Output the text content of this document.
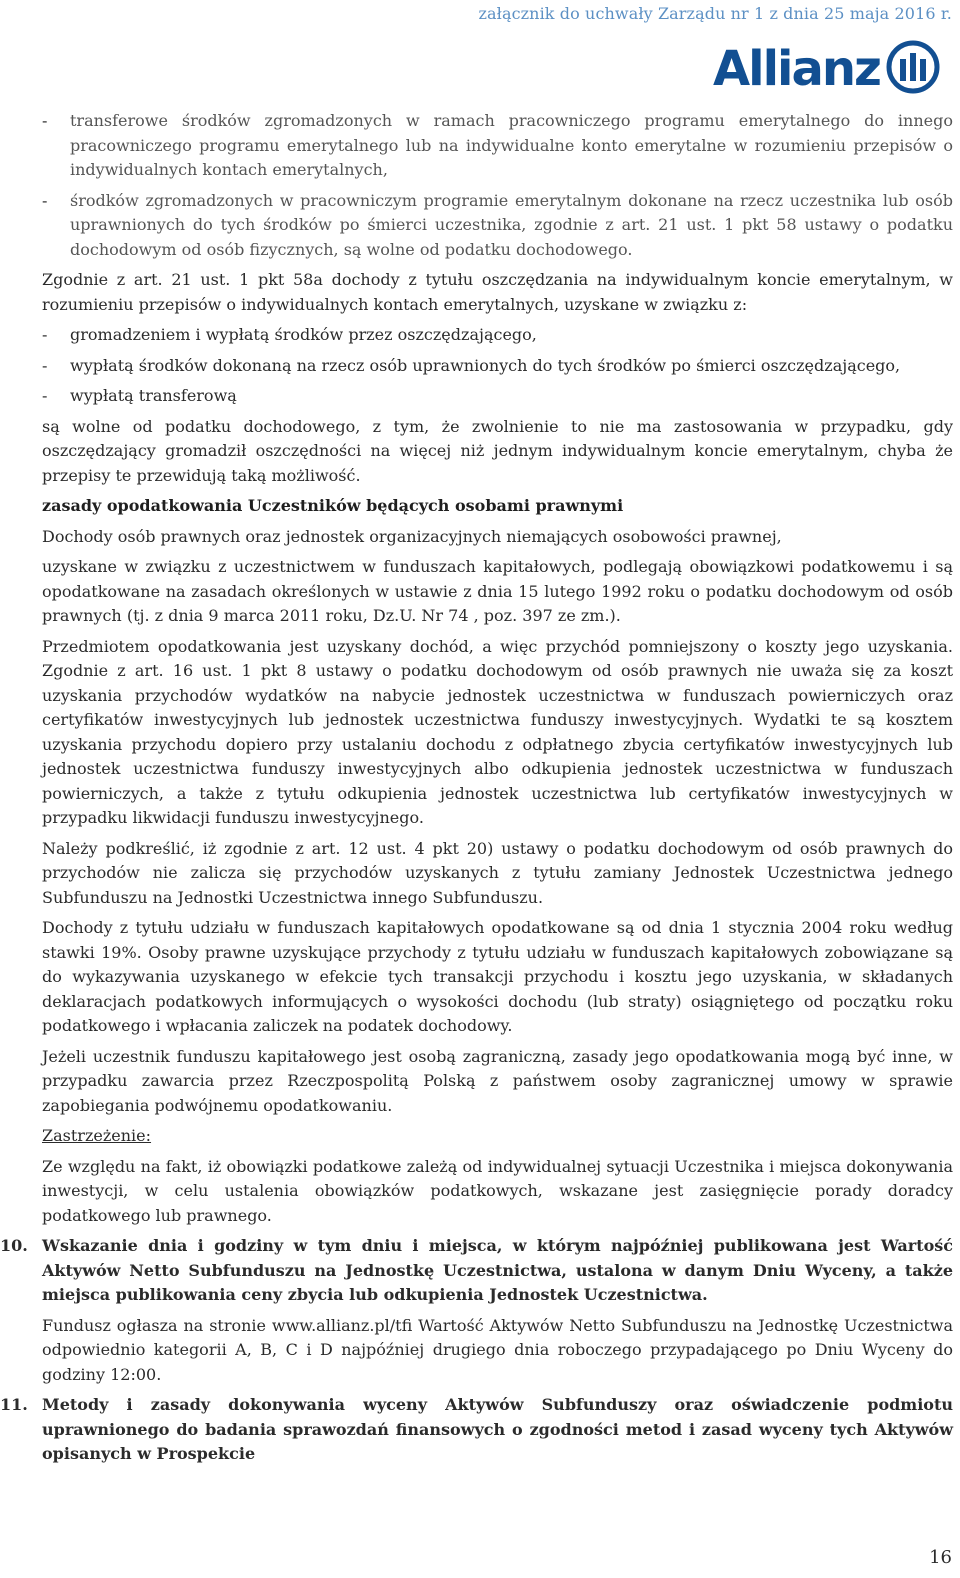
załącznik do uchwały Zarządu nr 1 z dnia 25 maja 2016 r.
Allianz
-	transferowe środków zgromadzonych w ramach pracowniczego programu emerytalnego do innego pracowniczego programu emerytalnego lub na indywidualne konto emerytalne w rozumieniu przepisów o indywidualnych kontach emerytalnych,
-	środków zgromadzonych w pracowniczym programie emerytalnym dokonane na rzecz uczestnika lub osób uprawnionych do tych środków po śmierci uczestnika, zgodnie z art. 21 ust. 1 pkt 58 ustawy o podatku dochodowym od osób fizycznych, są wolne od podatku dochodowego.

Zgodnie z art. 21 ust. 1 pkt 58a dochody z tytułu oszczędzania na indywidualnym koncie emerytalnym, w rozumieniu przepisów o indywidualnych kontach emerytalnych, uzyskane w związku z:

-	gromadzeniem i wypłatą środków przez oszczędzającego,
-	wypłatą środków dokonaną na rzecz osób uprawnionych do tych środków po śmierci oszczędzającego,
-	wypłatą transferową

są wolne od podatku dochodowego, z tym, że zwolnienie to nie ma zastosowania w przypadku, gdy oszczędzający gromadził oszczędności na więcej niż jednym indywidualnym koncie emerytalnym, chyba że przepisy te przewidują taką możliwość.

zasady opodatkowania Uczestników będących osobami prawnymi

Dochody osób prawnych oraz jednostek organizacyjnych niemających osobowości prawnej,

uzyskane w związku z uczestnictwem w funduszach kapitałowych, podlegają obowiązkowi podatkowemu i są opodatkowane na zasadach określonych w ustawie z dnia 15 lutego 1992 roku o podatku dochodowym od osób prawnych (tj. z dnia 9 marca 2011 roku, Dz.U. Nr 74 , poz. 397 ze zm.).

Przedmiotem opodatkowania jest uzyskany dochód, a więc przychód pomniejszony o koszty jego uzyskania. Zgodnie z art. 16 ust. 1 pkt 8 ustawy o podatku dochodowym od osób prawnych nie uważa się za koszt uzyskania przychodów wydatków na nabycie jednostek uczestnictwa w funduszach powierniczych oraz certyfikatów inwestycyjnych lub jednostek uczestnictwa funduszy inwestycyjnych. Wydatki te są kosztem uzyskania przychodu dopiero przy ustalaniu dochodu z odpłatnego zbycia certyfikatów inwestycyjnych lub jednostek uczestnictwa funduszy inwestycyjnych albo odkupienia jednostek uczestnictwa w funduszach powierniczych, a także z tytułu odkupienia jednostek uczestnictwa lub certyfikatów inwestycyjnych w przypadku likwidacji funduszu inwestycyjnego.

Należy podkreślić, iż zgodnie z art. 12 ust. 4 pkt 20) ustawy o podatku dochodowym od osób prawnych do przychodów nie zalicza się przychodów uzyskanych z tytułu zamiany Jednostek Uczestnictwa jednego Subfunduszu na Jednostki Uczestnictwa innego Subfunduszu.

Dochody z tytułu udziału w funduszach kapitałowych opodatkowane są od dnia 1 stycznia 2004 roku według stawki 19%. Osoby prawne uzyskujące przychody z tytułu udziału w funduszach kapitałowych zobowiązane są do wykazywania uzyskanego w efekcie tych transakcji przychodu i kosztu jego uzyskania, w składanych deklaracjach podatkowych informujących o wysokości dochodu (lub straty) osiągniętego od początku roku podatkowego i wpłacania zaliczek na podatek dochodowy.

Jeżeli uczestnik funduszu kapitałowego jest osobą zagraniczną, zasady jego opodatkowania mogą być inne, w przypadku zawarcia przez Rzeczpospolitą Polską z państwem osoby zagranicznej umowy w sprawie zapobiegania podwójnemu opodatkowaniu.

Zastrzeżenie:

Ze względu na fakt, iż obowiązki podatkowe zależą od indywidualnej sytuacji Uczestnika i miejsca dokonywania inwestycji, w celu ustalenia obowiązków podatkowych, wskazane jest zasięgnięcie porady doradcy podatkowego lub prawnego.

10. Wskazanie dnia i godziny w tym dniu i miejsca, w którym najpóźniej publikowana jest Wartość Aktywów Netto Subfunduszu na Jednostkę Uczestnictwa, ustalona w danym Dniu Wyceny, a także miejsca publikowania ceny zbycia lub odkupienia Jednostek Uczestnictwa.

Fundusz ogłasza na stronie www.allianz.pl/tfi Wartość Aktywów Netto Subfunduszu na Jednostkę Uczestnictwa odpowiednio kategorii A, B, C i D najpóźniej drugiego dnia roboczego przypadającego po Dniu Wyceny do godziny 12:00.

11. Metody i zasady dokonywania wyceny Aktywów Subfunduszy oraz oświadczenie podmiotu uprawnionego do badania sprawozdań finansowych o zgodności metod i zasad wyceny tych Aktywów opisanych w Prospekcie
16
